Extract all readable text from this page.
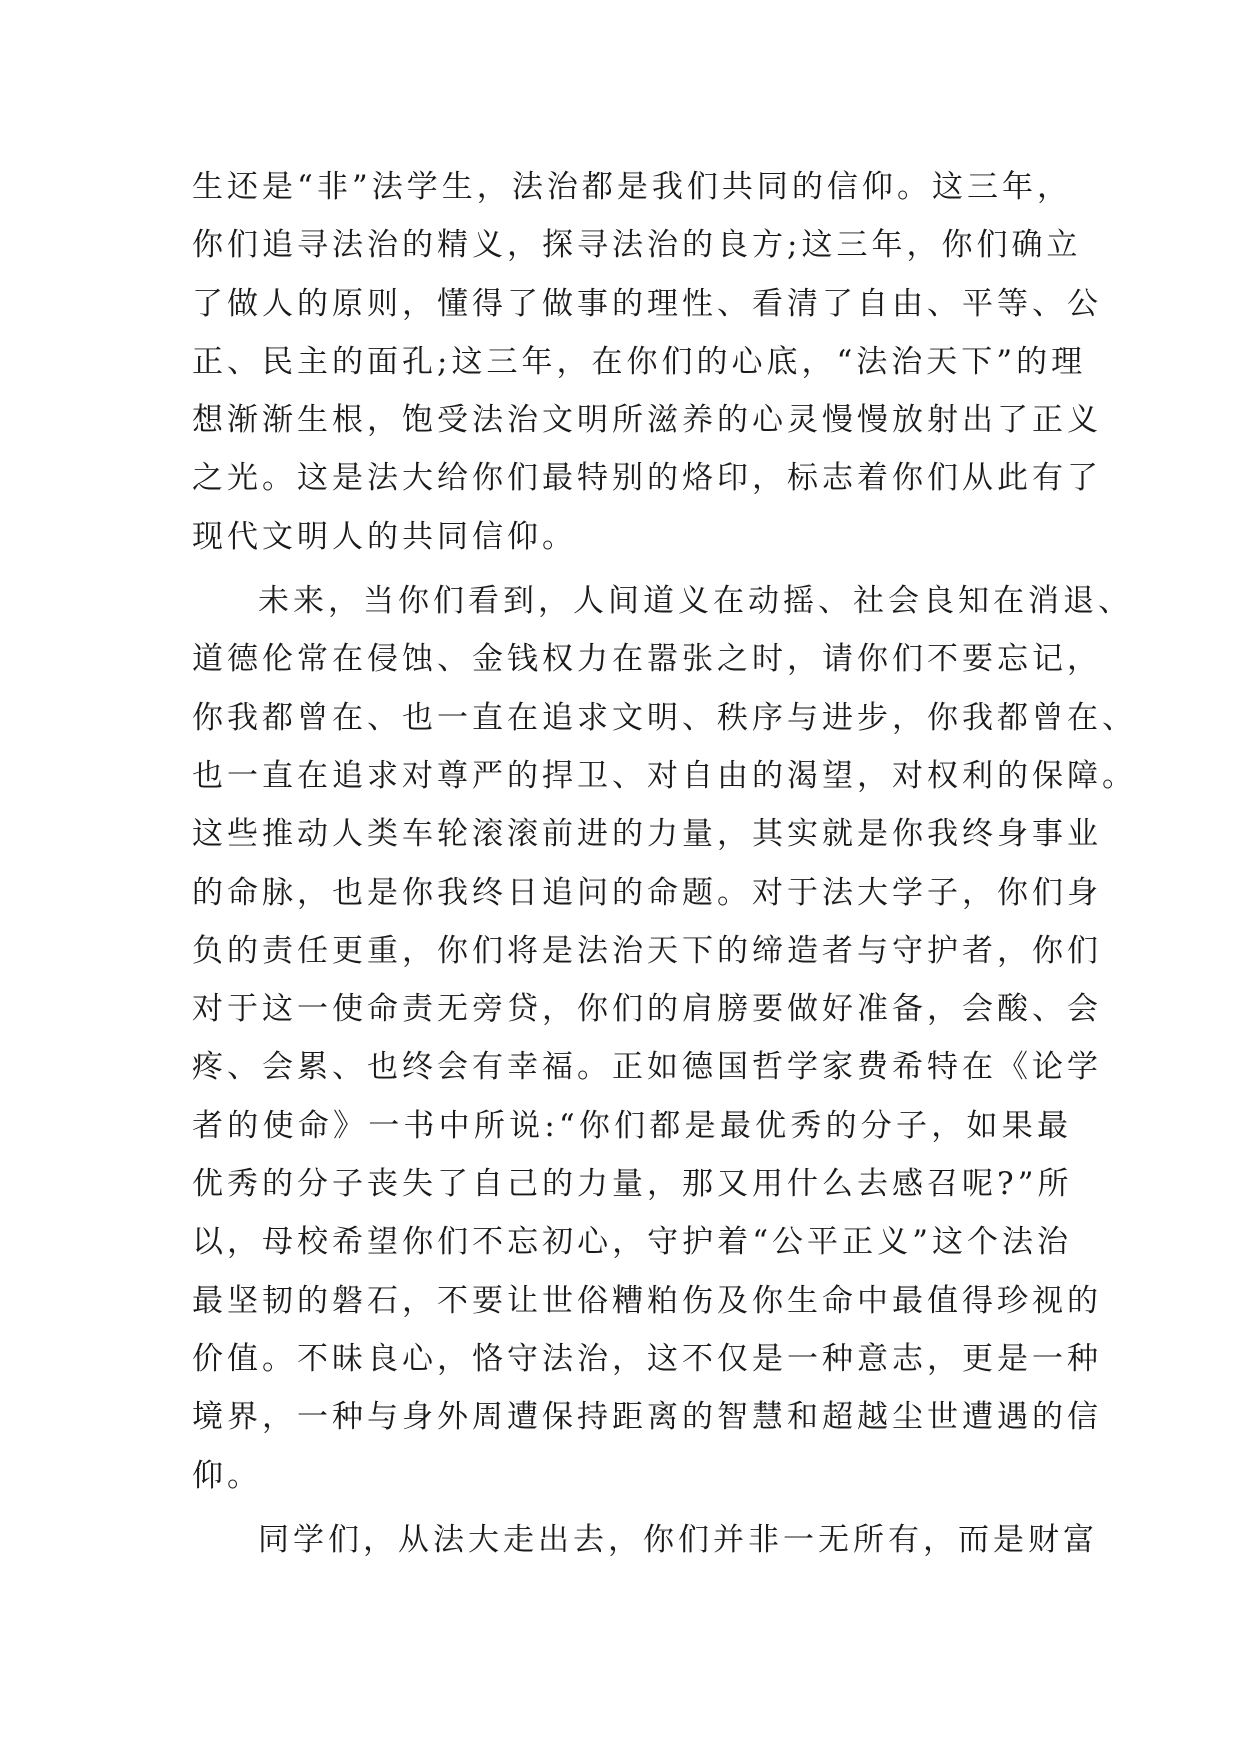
生还是“非”法学生，法治都是我们共同的信仰。这三年，
你们追寻法治的精义，探寻法治的良方;这三年，你们确立
了做人的原则，懂得了做事的理性、看清了自由、平等、公
正、民主的面孔;这三年，在你们的心底，“法治天下”的理
想渐渐生根，饱受法治文明所滋养的心灵慢慢放射出了正义
之光。这是法大给你们最特别的烙印，标志着你们从此有了
现代文明人的共同信仰。
未来，当你们看到，人间道义在动摇、社会良知在消退、
道德伦常在侵蚀、金钱权力在嚣张之时，请你们不要忘记，
你我都曾在、也一直在追求文明、秩序与进步，你我都曾在、
也一直在追求对尊严的捍卫、对自由的渴望，对权利的保障。
这些推动人类车轮滚滚前进的力量，其实就是你我终身事业
的命脉，也是你我终日追问的命题。对于法大学子，你们身
负的责任更重，你们将是法治天下的缔造者与守护者，你们
对于这一使命责无旁贷，你们的肩膀要做好准备，会酸、会
疼、会累、也终会有幸福。正如德国哲学家费希特在《论学
者的使命》一书中所说:“你们都是最优秀的分子，如果最
优秀的分子丧失了自己的力量，那又用什么去感召呢?”所
以，母校希望你们不忘初心，守护着“公平正义”这个法治
最坚韧的磐石，不要让世俗糟粕伤及你生命中最值得珍视的
价值。不昧良心，恪守法治，这不仅是一种意志，更是一种
境界，一种与身外周遭保持距离的智慧和超越尘世遭遇的信
仰。
同学们，从法大走出去，你们并非一无所有，而是财富
